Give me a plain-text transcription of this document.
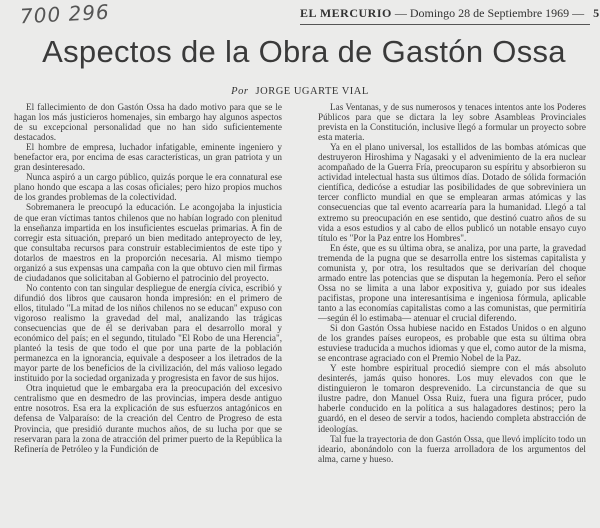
700 296	EL MERCURIO — Domingo 28 de Septiembre 1969 — 5
Aspectos de la Obra de Gastón Ossa
Por JORGE UGARTE VIAL

El fallecimiento de don Gastón Ossa ha dado motivo para que se le hagan los más justicieros homenajes, sin embargo hay algunos aspectos de su excepcional personalidad que no han sido suficientemente destacados.

El hombre de empresa, luchador infatigable, eminente ingeniero y benefactor era, por encima de esas características, un gran patriota y un gran desinteresado.

Nunca aspiró a un cargo público, quizás porque le era connatural ese plano hondo que escapa a las cosas oficiales; pero hizo propios muchos de los grandes problemas de la colectividad.

Sobremanera le preocupó la educación. Le acongojaba la injusticia de que eran víctimas tantos chilenos que no habían logrado con plenitud la enseñanza impartida en los insuficientes escuelas primarias. A fin de corregir esta situación, preparó un bien meditado anteproyecto de ley, que consultaba recursos para construir establecimientos de este tipo y dotarlos de maestros en la proporción necesaria. Al mismo tiempo organizó a sus expensas una campaña con la que obtuvo cien mil firmas de ciudadanos que solicitaban al Gobierno el patrocinio del proyecto.

No contento con tan singular despliegue de energía cívica, escribió y difundió dos libros que causaron honda impresión: en el primero de ellos, titulado "La mitad de los niños chilenos no se educan" expuso con vigoroso realismo la gravedad del mal, analizando las trágicas consecuencias que de él se derivaban para el desarrollo moral y económico del país; en el segundo, titulado "El Robo de una Herencia", planteó la tesis de que todo el que por una parte de la población permanezca en la ignorancia, equivale a desposeer a los iletrados de la mayor parte de los beneficios de la civilización, del más valioso legado instituido por la sociedad organizada y progresista en favor de sus hijos.

Otra inquietud que le embargaba era la preocupación del excesivo centralismo que en desmedro de las provincias, impera desde antiguo entre nosotros. Esa era la explicación de sus esfuerzos antagónicos en defensa de Valparaíso: de la creación del Centro de Progreso de esta Provincia, que presidió durante muchos años, de su lucha por que se reservaran para la zona de atracción del primer puerto de la República la Refinería de Petróleo y la Fundición de

Las Ventanas, y de sus numerosos y tenaces intentos ante los Poderes Públicos para que se dictara la ley sobre Asambleas Provinciales prevista en la Constitución, inclusive llegó a formular un proyecto sobre esta materia.

Ya en el plano universal, los estallidos de las bombas atómicas que destruyeron Hiroshima y Nagasaki y el advenimiento de la era nuclear acompañado de la Guerra Fría, preocuparon su espíritu y absorbieron su actividad intelectual hasta sus últimos días. Dotado de sólida formación científica, dedicóse a estudiar las posibilidades de que sobreviniera un tercer conflicto mundial en que se emplearan armas atómicas y las consecuencias que tal evento acarrearía para la humanidad. Llegó a tal extremo su preocupación en ese sentido, que destinó cuatro años de su vida a esos estudios y al cabo de ellos publicó un notable ensayo cuyo título es "Por la Paz entre los Hombres".

En éste, que es su última obra, se analiza, por una parte, la gravedad tremenda de la pugna que se desarrolla entre los sistemas capitalista y comunista y, por otra, los resultados que se derivarían del choque armado entre las potencias que se disputan la hegemonía. Pero el señor Ossa no se limita a una labor expositiva y, guiado por sus ideales pacifistas, propone una interesantísima e ingeniosa fórmula, aplicable tanto a las economías capitalistas como a las comunistas, que permitiría —según él lo estimaba— atenuar el crucial diferendo.

Si don Gastón Ossa hubiese nacido en Estados Unidos o en alguno de los grandes países europeos, es probable que esta su última obra estuviese traducida a muchos idiomas y que el, como autor de la misma, se encontrase agraciado con el Premio Nobel de la Paz.

Y este hombre espiritual procedió siempre con el más absoluto desinterés, jamás quiso honores. Los muy elevados con que le distinguieron le tomaron desprevenido. La circunstancia de que su ilustre padre, don Manuel Ossa Ruiz, fuera una figura prócer, pudo haberle conducido en la política a sus halagadores destinos; pero la guardó, en el deseo de servir a todos, haciendo completa abstracción de ideologías.

Tal fue la trayectoria de don Gastón Ossa, que llevó implícito todo un ideario, abonándolo con la fuerza arrolladora de los argumentos del alma, carne y hueso.
